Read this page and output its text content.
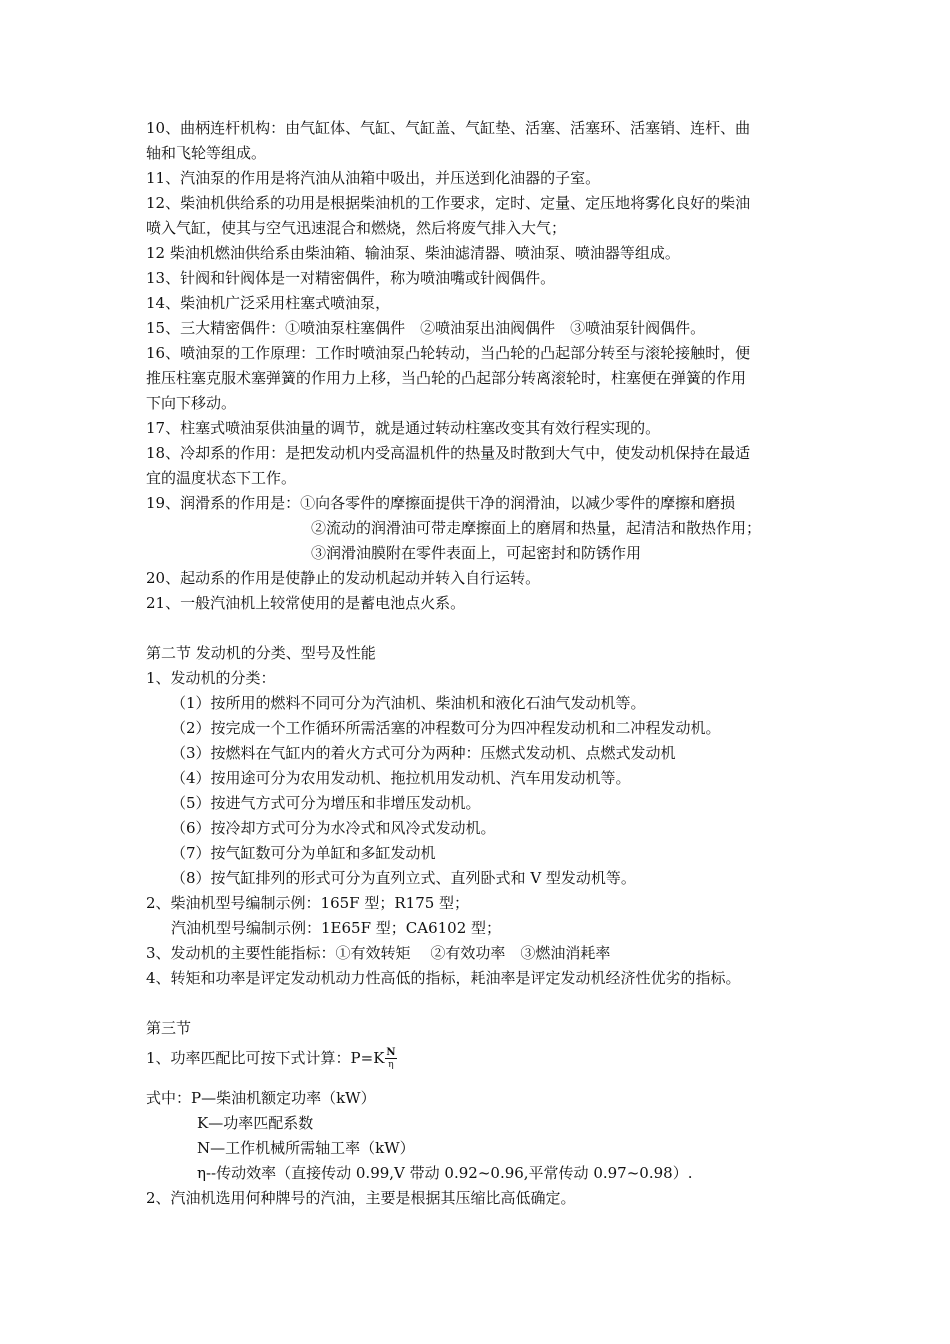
10、曲柄连杆机构：由气缸体、气缸、气缸盖、气缸垫、活塞、活塞环、活塞销、连杆、曲
轴和飞轮等组成。
11、汽油泵的作用是将汽油从油箱中吸出，并压送到化油器的子室。
12、柴油机供给系的功用是根据柴油机的工作要求，定时、定量、定压地将雾化良好的柴油
喷入气缸，使其与空气迅速混合和燃烧，然后将废气排入大气；
12 柴油机燃油供给系由柴油箱、输油泵、柴油滤清器、喷油泵、喷油器等组成。
13、针阀和针阀体是一对精密偶件，称为喷油嘴或针阀偶件。
14、柴油机广泛采用柱塞式喷油泵，
15、三大精密偶件：①喷油泵柱塞偶件　②喷油泵出油阀偶件　③喷油泵针阀偶件。
16、喷油泵的工作原理：工作时喷油泵凸轮转动，当凸轮的凸起部分转至与滚轮接触时，便
推压柱塞克服术塞弹簧的作用力上移，当凸轮的凸起部分转离滚轮时，柱塞便在弹簧的作用
下向下移动。
17、柱塞式喷油泵供油量的调节，就是通过转动柱塞改变其有效行程实现的。
18、冷却系的作用：是把发动机内受高温机件的热量及时散到大气中，使发动机保持在最适
宜的温度状态下工作。
19、润滑系的作用是：①向各零件的摩擦面提供干净的润滑油，以减少零件的摩擦和磨损
②流动的润滑油可带走摩擦面上的磨屑和热量，起清洁和散热作用；
③润滑油膜附在零件表面上，可起密封和防锈作用
20、起动系的作用是使静止的发动机起动并转入自行运转。
21、一般汽油机上较常使用的是蓄电池点火系。
第二节 发动机的分类、型号及性能
1、发动机的分类：
（1）按所用的燃料不同可分为汽油机、柴油机和液化石油气发动机等。
（2）按完成一个工作循环所需活塞的冲程数可分为四冲程发动机和二冲程发动机。
（3）按燃料在气缸内的着火方式可分为两种：压燃式发动机、点燃式发动机
（4）按用途可分为农用发动机、拖拉机用发动机、汽车用发动机等。
（5）按进气方式可分为增压和非增压发动机。
（6）按冷却方式可分为水冷式和风冷式发动机。
（7）按气缸数可分为单缸和多缸发动机
（8）按气缸排列的形式可分为直列立式、直列卧式和 V 型发动机等。
2、柴油机型号编制示例：165F 型；R175 型；
汽油机型号编制示例：1E65F 型；CA6102 型；
3、发动机的主要性能指标：①有效转矩　 ②有效功率　③燃油消耗率
4、转矩和功率是评定发动机动力性高低的指标，耗油率是评定发动机经济性优劣的指标。
第三节
1、功率匹配比可按下式计算：$P=K \frac{N}{\eta}$
式中：P—柴油机额定功率（kW）
K—功率匹配系数
N—工作机械所需轴工率（kW）
η--传动效率（直接传动 0.99,V 带动 0.92~0.96,平常传动 0.97~0.98）.
2、汽油机选用何种牌号的汽油，主要是根据其压缩比高低确定。
